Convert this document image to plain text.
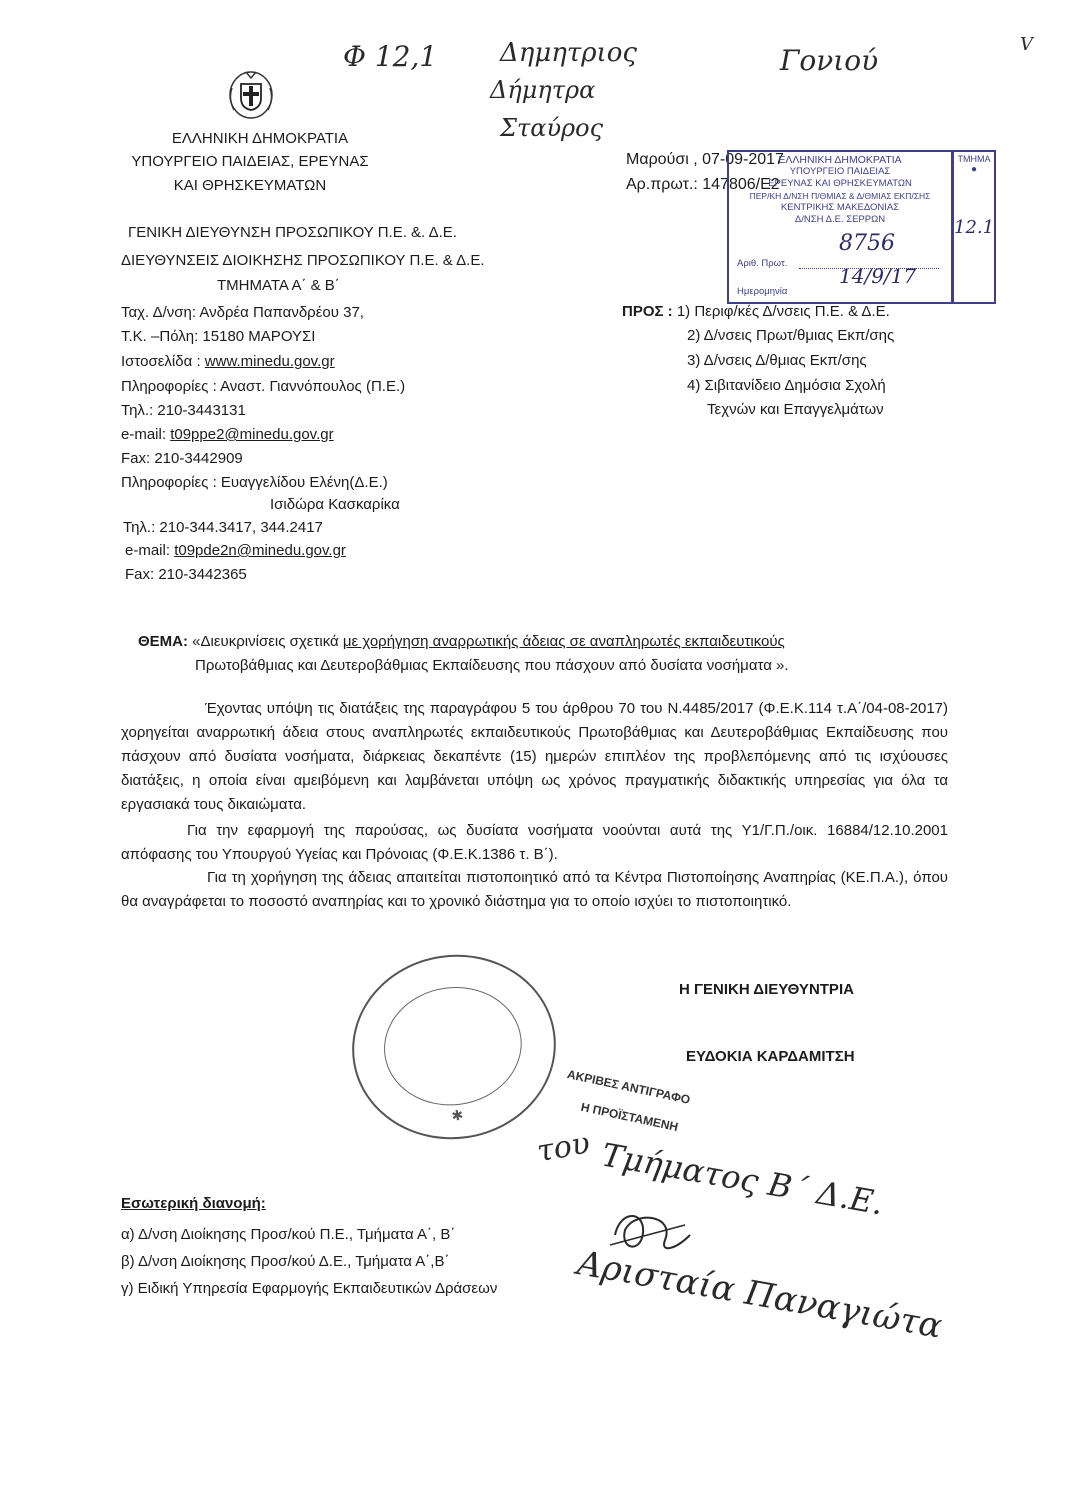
Φ 12,1 Δημητριος
Δήμητρα
Σταύρος
Γονιού	V
ΕΛΛΗΝΙΚΗ ΔΗΜΟΚΡΑΤΙΑ
ΥΠΟΥΡΓΕΙΟ ΠΑΙΔΕΙΑΣ, ΕΡΕΥΝΑΣ
ΚΑΙ ΘΡΗΣΚΕΥΜΑΤΩΝ
ΓΕΝΙΚΗ ΔΙΕΥΘΥΝΣΗ ΠΡΟΣΩΠΙΚΟΥ Π.Ε. &. Δ.Ε.
ΔΙΕΥΘΥΝΣΕΙΣ ΔΙΟΙΚΗΣΗΣ ΠΡΟΣΩΠΙΚΟΥ Π.Ε. & Δ.Ε.
ΤΜΗΜΑΤΑ Α΄ & Β΄
Ταχ. Δ/νση: Ανδρέα Παπανδρέου 37,
Τ.Κ. –Πόλη: 15180 ΜΑΡΟΥΣΙ
Ιστοσελίδα : www.minedu.gov.gr
Πληροφορίες : Αναστ. Γιαννόπουλος (Π.Ε.)
Τηλ.: 210-3443131
e-mail: t09ppe2@minedu.gov.gr
Fax: 210-3442909
Πληροφορίες : Ευαγγελίδου Ελένη(Δ.Ε.)
Ισιδώρα Κασκαρίκα
Τηλ.: 210-344.3417, 344.2417
e-mail: t09pde2n@minedu.gov.gr
Fax: 210-3442365
Μαρούσι , 07-09-2017
Αρ.πρωτ.: 147806/Ε2
ΕΛΛΗΝΙΚΗ ΔΗΜΟΚΡΑΤΙΑ
ΥΠΟΥΡΓΕΙΟ ΠΑΙΔΕΙΑΣ
ΕΡΕΥΝΑΣ ΚΑΙ ΘΡΗΣΚΕΥΜΑΤΩΝ
ΠΕΡ/ΚΗ Δ/ΝΣΗ Π/ΘΜΙΑΣ & Δ/ΘΜΙΑΣ ΕΚΠ/ΣΗΣ
ΚΕΝΤΡΙΚΗΣ ΜΑΚΕΔΟΝΙΑΣ
Δ/ΝΣΗ Δ.Ε. ΣΕΡΡΩΝ
Αριθ. Πρωτ.
8756
Ημερομηνία
14/9/17
ΤΜΗΜΑ
●
12.1
ΠΡΟΣ : 1) Περιφ/κές Δ/νσεις Π.Ε. & Δ.Ε.
2) Δ/νσεις Πρωτ/θμιας Εκπ/σης
3) Δ/νσεις Δ/θμιας Εκπ/σης
4) Σιβιτανίδειο Δημόσια Σχολή
Τεχνών και Επαγγελμάτων
ΘΕΜΑ: «Διευκρινίσεις σχετικά με χορήγηση αναρρωτικής άδειας σε αναπληρωτές εκπαιδευτικούς
Πρωτοβάθμιας και Δευτεροβάθμιας Εκπαίδευσης που πάσχουν από δυσίατα νοσήματα ».
Έχοντας υπόψη τις διατάξεις της παραγράφου 5 του άρθρου 70 του Ν.4485/2017 (Φ.Ε.Κ.114 τ.Α΄/04-08-2017) χορηγείται αναρρωτική άδεια στους αναπληρωτές εκπαιδευτικούς Πρωτοβάθμιας και Δευτεροβάθμιας Εκπαίδευσης που πάσχουν από δυσίατα νοσήματα, διάρκειας δεκαπέντε (15) ημερών επιπλέον της προβλεπόμενης από τις ισχύουσες διατάξεις, η οποία είναι αμειβόμενη και λαμβάνεται υπόψη ως χρόνος πραγματικής διδακτικής υπηρεσίας για όλα τα εργασιακά τους δικαιώματα.
Για την εφαρμογή της παρούσας, ως δυσίατα νοσήματα νοούνται αυτά της Υ1/Γ.Π./οικ. 16884/12.10.2001 απόφασης του Υπουργού Υγείας και Πρόνοιας (Φ.Ε.Κ.1386 τ. Β΄).
Για τη χορήγηση της άδειας απαιτείται πιστοποιητικό από τα Κέντρα Πιστοποίησης Αναπηρίας (ΚΕ.Π.Α.), όπου θα αναγράφεται το ποσοστό αναπηρίας και το χρονικό διάστημα για το οποίο ισχύει το πιστοποιητικό.
Η ΓΕΝΙΚΗ ΔΙΕΥΘΥΝΤΡΙΑ
ΕΥΔΟΚΙΑ ΚΑΡΔΑΜΙΤΣΗ
✱
ΑΚΡΙΒΕΣ ΑΝΤΙΓΡΑΦΟ
Η ΠΡΟΪΣΤΑΜΕΝΗ
του Τμήματος Β΄ Δ.Ε.
Αρισταία Παναγιώτα
Εσωτερική διανομή:
α) Δ/νση Διοίκησης Προσ/κού Π.Ε., Τμήματα Α΄, Β΄
β) Δ/νση Διοίκησης Προσ/κού Δ.Ε., Τμήματα Α΄,Β΄
γ) Ειδική Υπηρεσία Εφαρμογής Εκπαιδευτικών Δράσεων
